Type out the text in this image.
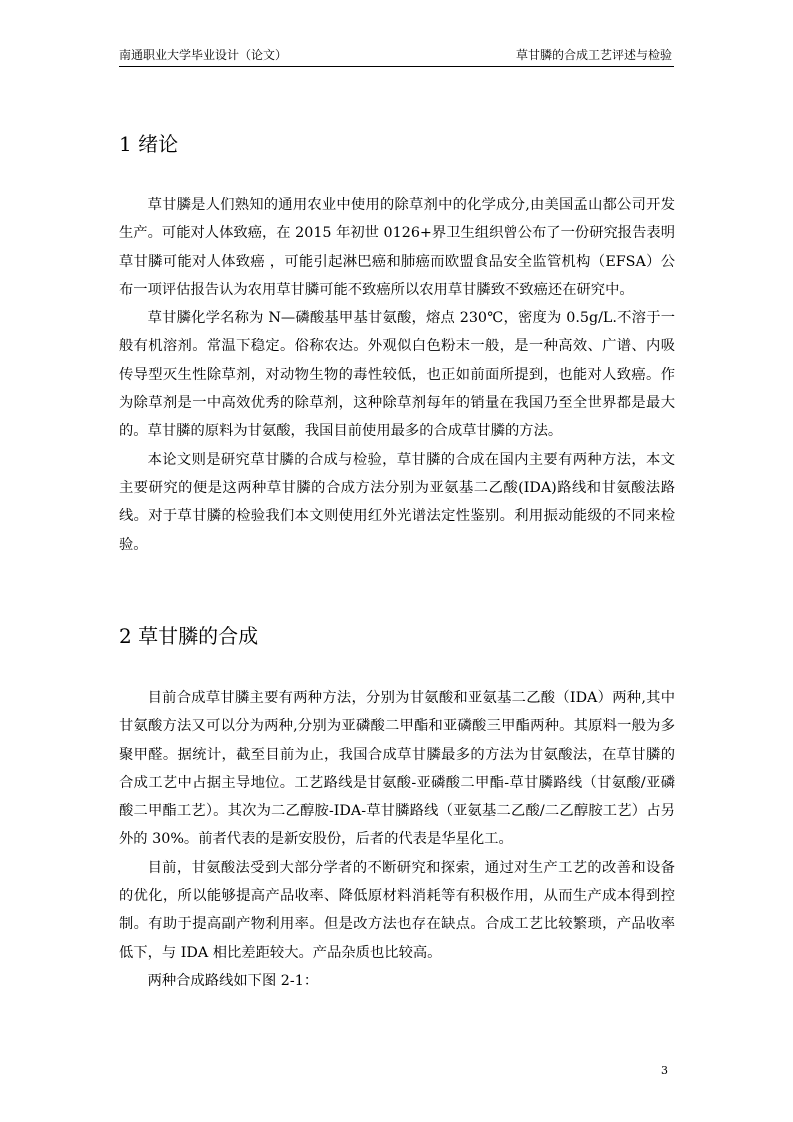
南通职业大学毕业设计（论文）	草甘膦的合成工艺评述与检验
1 绪论

草甘膦是人们熟知的通用农业中使用的除草剂中的化学成分,由美国孟山都公司开发生产。可能对人体致癌，在 2015 年初世 0126+界卫生组织曾公布了一份研究报告表明草甘膦可能对人体致癌 ，可能引起淋巴癌和肺癌而欧盟食品安全监管机构（EFSA）公布一项评估报告认为农用草甘膦可能不致癌所以农用草甘膦致不致癌还在研究中。

草甘膦化学名称为 N—磷酸基甲基甘氨酸，熔点 230℃，密度为 0.5g/L.不溶于一般有机溶剂。常温下稳定。俗称农达。外观似白色粉末一般，是一种高效、广谱、内吸传导型灭生性除草剂，对动物生物的毒性较低，也正如前面所提到，也能对人致癌。作为除草剂是一中高效优秀的除草剂，这种除草剂每年的销量在我国乃至全世界都是最大的。草甘膦的原料为甘氨酸，我国目前使用最多的合成草甘膦的方法。

本论文则是研究草甘膦的合成与检验，草甘膦的合成在国内主要有两种方法，本文主要研究的便是这两种草甘膦的合成方法分别为亚氨基二乙酸(IDA)路线和甘氨酸法路线。对于草甘膦的检验我们本文则使用红外光谱法定性鉴别。利用振动能级的不同来检验。

2 草甘膦的合成

目前合成草甘膦主要有两种方法，分别为甘氨酸和亚氨基二乙酸（IDA）两种,其中甘氨酸方法又可以分为两种,分别为亚磷酸二甲酯和亚磷酸三甲酯两种。其原料一般为多聚甲醛。据统计，截至目前为止，我国合成草甘膦最多的方法为甘氨酸法，在草甘膦的合成工艺中占据主导地位。工艺路线是甘氨酸-亚磷酸二甲酯-草甘膦路线（甘氨酸/亚磷酸二甲酯工艺）。其次为二乙醇胺-IDA-草甘膦路线（亚氨基二乙酸/二乙醇胺工艺）占另外的 30%。前者代表的是新安股份，后者的代表是华星化工。

目前，甘氨酸法受到大部分学者的不断研究和探索，通过对生产工艺的改善和设备的优化，所以能够提高产品收率、降低原材料消耗等有积极作用，从而生产成本得到控制。有助于提高副产物利用率。但是改方法也存在缺点。合成工艺比较繁琐，产品收率低下，与 IDA 相比差距较大。产品杂质也比较高。

两种合成路线如下图 2-1：

3
